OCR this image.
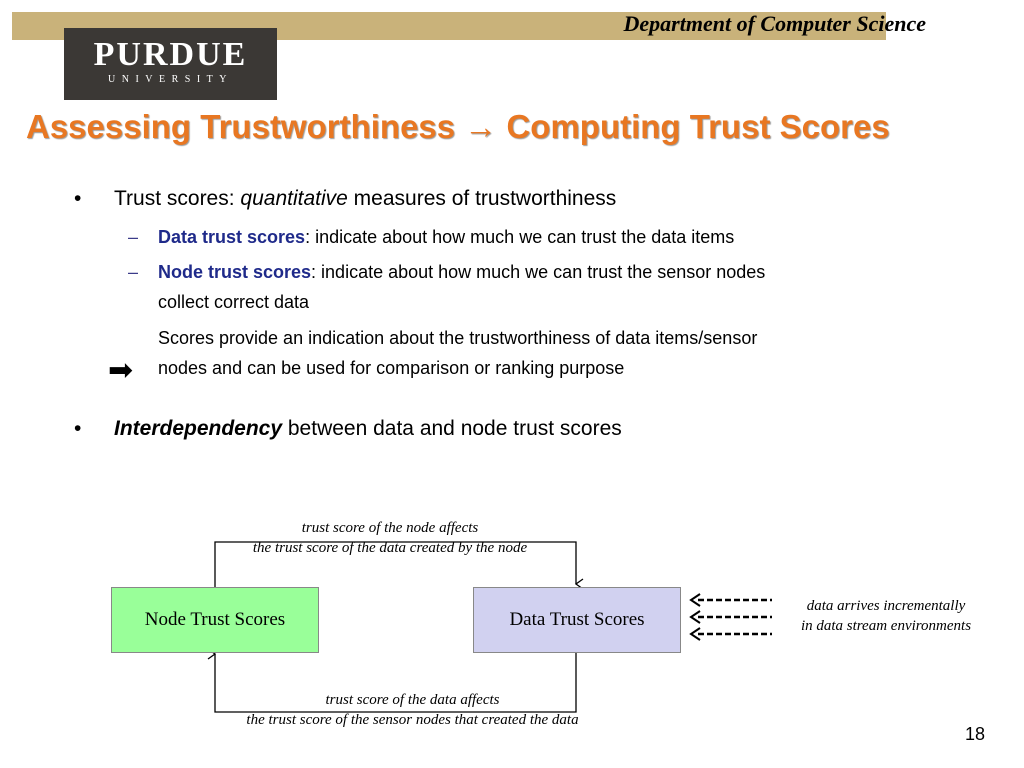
Department of Computer Science
PURDUE
UNIVERSITY
Assessing Trustworthiness → Computing Trust Scores
• Trust scores: quantitative measures of trustworthiness
– Data trust scores: indicate about how much we can trust the data items
– Node trust scores: indicate about how much we can trust the sensor nodes
collect correct data
Scores provide an indication about the trustworthiness of data items/sensor
nodes and can be used for comparison or ranking purpose
➡
• Interdependency between data and node trust scores
Node Trust Scores	Data Trust Scores
trust score of the node affects
the trust score of the data created by the node
trust score of the data affects
the trust score of the sensor nodes that created the data
data arrives incrementally
in data stream environments
18
